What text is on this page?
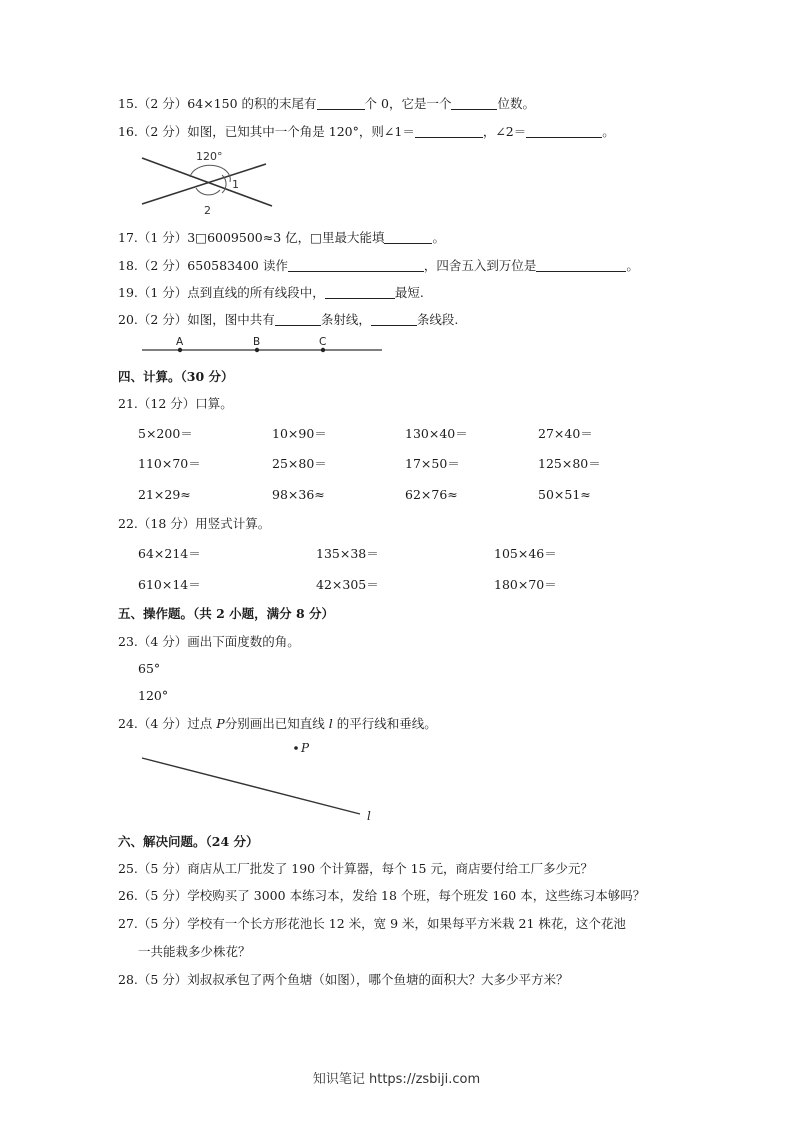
15.（2 分）64×150 的积的末尾有	个 0，它是一个	位数。
16.（2 分）如图，已知其中一个角是 120°，则∠1＝	，∠2＝	。
120°
1
2
17.（1 分）3□6009500≈3 亿，□里最大能填	。
18.（2 分）650583400 读作	，四舍五入到万位是	。
19.（1 分）点到直线的所有线段中，	最短.
20.（2 分）如图，图中共有	条射线，	条线段.
A	B	C
四、计算。（30 分）
21.（12 分）口算。
5×200＝	10×90＝	130×40＝	27×40＝
110×70＝	25×80＝	17×50＝	125×80＝
21×29≈	98×36≈	62×76≈	50×51≈
22.（18 分）用竖式计算。
64×214＝	135×38＝	105×46＝
610×14＝	42×305＝	180×70＝
五、操作题。（共 2 小题，满分 8 分）
23.（4 分）画出下面度数的角。
65°
120°
24.（4 分）过点 P分别画出已知直线 l 的平行线和垂线。
P
l
六、解决问题。（24 分）
25.（5 分）商店从工厂批发了 190 个计算器，每个 15 元，商店要付给工厂多少元？
26.（5 分）学校购买了 3000 本练习本，发给 18 个班，每个班发 160 本，这些练习本够吗？
27.（5 分）学校有一个长方形花池长 12 米，宽 9 米，如果每平方米栽 21 株花，这个花池
一共能栽多少株花？
28.（5 分）刘叔叔承包了两个鱼塘（如图），哪个鱼塘的面积大？大多少平方米？
知识笔记 https://zsbiji.com
